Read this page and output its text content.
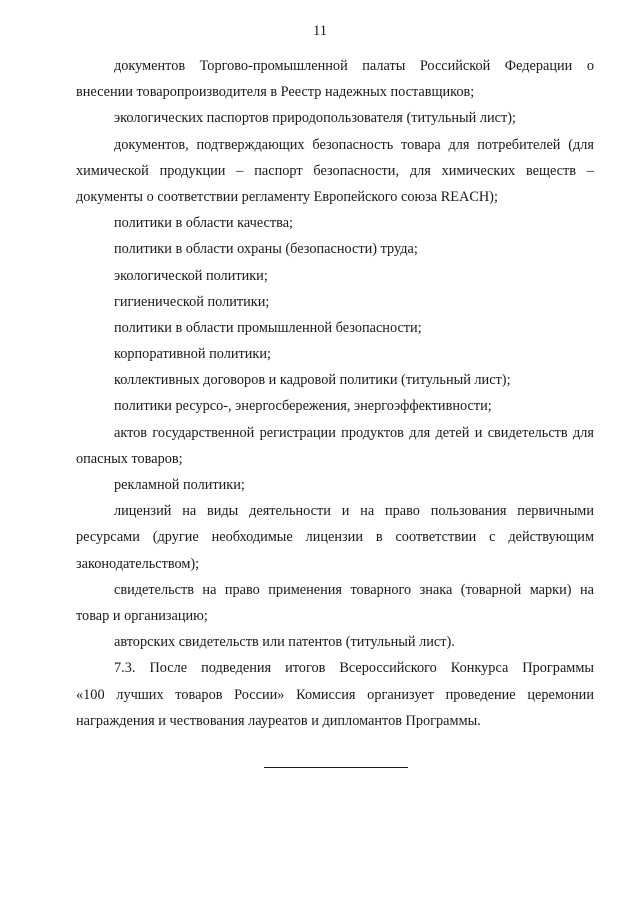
11
документов Торгово-промышленной палаты Российской Федерации о
внесении товаропроизводителя в Реестр надежных поставщиков;
экологических паспортов природопользователя (титульный лист);
документов, подтверждающих безопасность товара для потребителей (для
химической продукции – паспорт безопасности, для химических веществ –
документы о соответствии регламенту Европейского союза REACH);
политики в области качества;
политики в области охраны (безопасности) труда;
экологической политики;
гигиенической политики;
политики в области промышленной безопасности;
корпоративной политики;
коллективных договоров и кадровой политики (титульный лист);
политики ресурсо-, энергосбережения, энергоэффективности;
актов государственной регистрации продуктов для детей и свидетельств для
опасных товаров;
рекламной политики;
лицензий на виды деятельности и на право пользования первичными
ресурсами (другие необходимые лицензии в соответствии с действующим
законодательством);
свидетельств на право применения товарного знака (товарной марки) на
товар и организацию;
авторских свидетельств или патентов (титульный лист).
7.3. После подведения итогов Всероссийского Конкурса Программы
«100 лучших товаров России» Комиссия организует проведение церемонии
награждения и чествования лауреатов и дипломантов Программы.
